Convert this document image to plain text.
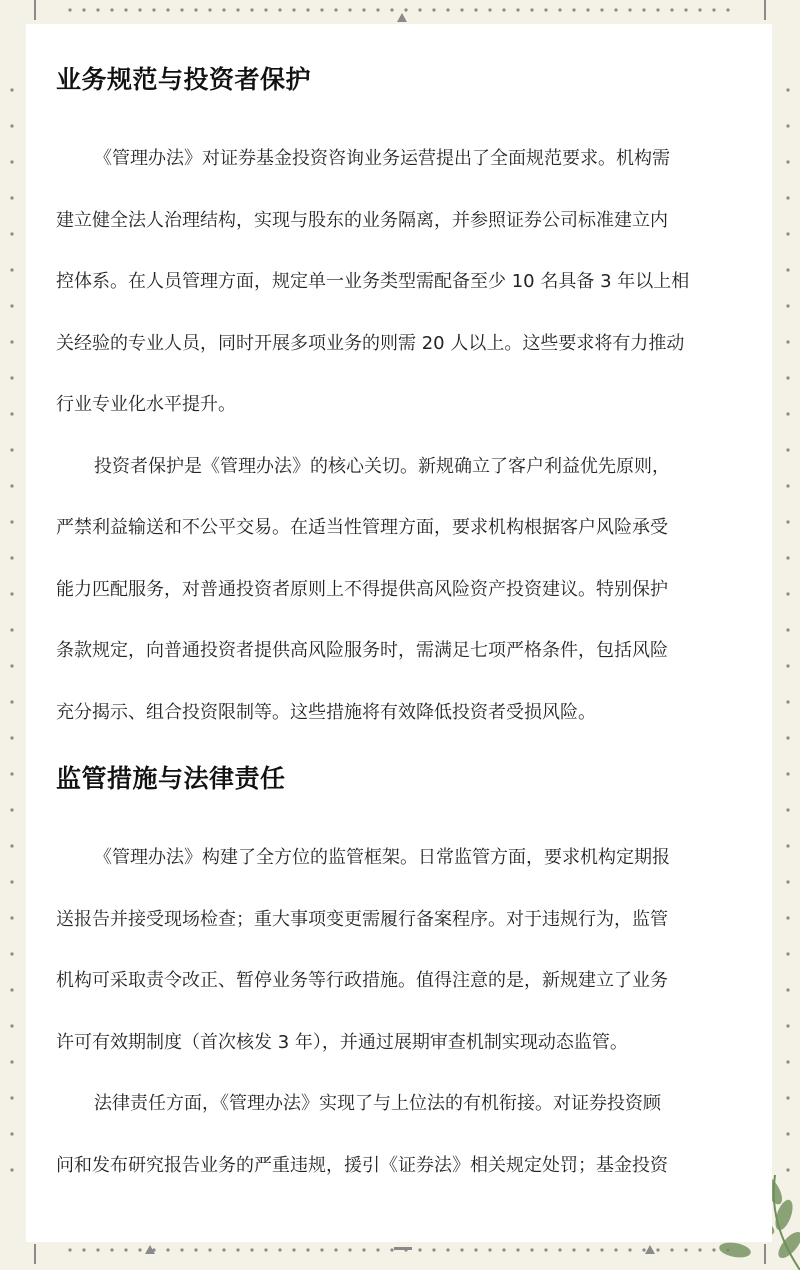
业务规范与投资者保护
《管理办法》对证券基金投资咨询业务运营提出了全面规范要求。机构需
建立健全法人治理结构，实现与股东的业务隔离，并参照证券公司标准建立内
控体系。在人员管理方面，规定单一业务类型需配备至少 10 名具备 3 年以上相
关经验的专业人员，同时开展多项业务的则需 20 人以上。这些要求将有力推动
行业专业化水平提升。
投资者保护是《管理办法》的核心关切。新规确立了客户利益优先原则，
严禁利益输送和不公平交易。在适当性管理方面，要求机构根据客户风险承受
能力匹配服务，对普通投资者原则上不得提供高风险资产投资建议。特别保护
条款规定，向普通投资者提供高风险服务时，需满足七项严格条件，包括风险
充分揭示、组合投资限制等。这些措施将有效降低投资者受损风险。
监管措施与法律责任
《管理办法》构建了全方位的监管框架。日常监管方面，要求机构定期报
送报告并接受现场检查；重大事项变更需履行备案程序。对于违规行为，监管
机构可采取责令改正、暂停业务等行政措施。值得注意的是，新规建立了业务
许可有效期制度（首次核发 3 年），并通过展期审查机制实现动态监管。
法律责任方面，《管理办法》实现了与上位法的有机衔接。对证券投资顾
问和发布研究报告业务的严重违规，援引《证券法》相关规定处罚；基金投资
